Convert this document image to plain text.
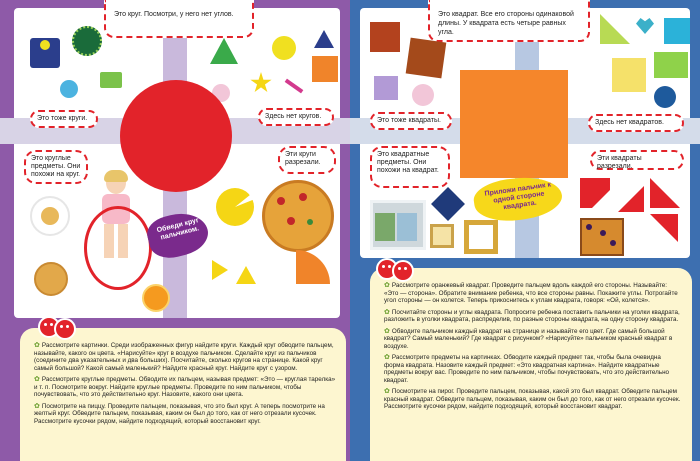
Это круг. Посмотри, у него нет углов.
Это тоже круги.	Здесь нет кругов.
Это круглые предметы. Они похожи на круг.
Эти круги разрезали.
Обведи круг пальчиком.

✿ Рассмотрите картинки. Среди изображенных фигур найдите круги. Каждый круг обводите пальцем, называйте, какого он цвета. «Нарисуйте» круг в воздухе пальчиком. Сделайте круг из пальчиков (соедините два указательных и два больших). Посчитайте, сколько кругов на странице. Какой круг самый большой? Какой самый маленький? Найдите красный круг. Найдите круг с узором.

✿ Рассмотрите круглые предметы. Обводите их пальцем, называя предмет: «Это — круглая тарелка» и т. п. Посмотрите вокруг. Найдите круглые предметы. Проведите по ним пальчиком, чтобы почувствовать, что это действительно круг. Назовите, какого они цвета.

✿ Посмотрите на пиццу. Проведите пальцем, показывая, что это был круг. А теперь посмотрите на желтый круг. Обведите пальцем, показывая, каким он был до того, как от него отрезали кусочек. Рассмотрите кусочки рядом, найдите подходящий, который восстановит круг.

Это квадрат. Все его стороны одинаковой длины. У квадрата есть четыре равных угла.
Это тоже квадраты.	Здесь нет квадратов.
Это квадратные предметы. Они похожи на квадрат.
Эти квадраты разрезали.
Приложи пальчик к одной стороне квадрата.

✿ Рассмотрите оранжевый квадрат. Проведите пальцем вдоль каждой его стороны. Называйте: «Это — сторона». Обратите внимание ребенка, что все стороны равны. Покажите углы. Потрогайте угол стороны — он колется. Теперь прикоснитесь к углам квадрата, говоря: «Ой, колется».

✿ Посчитайте стороны и углы квадрата. Попросите ребенка поставить пальчики на уголки квадрата, разложить в уголки квадрата, распределив, по разные стороны квадрата, на одну сторону квадрата.

✿ Обводите пальчиком каждый квадрат на странице и называйте его цвет. Где самый большой квадрат? Самый маленький? Где квадрат с рисунком? «Нарисуйте» пальчиком красный квадрат в воздухе.

✿ Рассмотрите предметы на картинках. Обводите каждый предмет так, чтобы была очевидна форма квадрата. Назовите каждый предмет: «Это квадратная картина». Найдите квадратные предметы вокруг вас. Проведите по ним пальчиком, чтобы почувствовать, что это действительно квадрат.

✿ Посмотрите на пирог. Проведите пальцем, показывая, какой это был квадрат. Обведите пальцем красный квадрат. Обведите пальцем, показывая, каким он был до того, как от него отрезали кусочек. Рассмотрите кусочки рядом, найдите подходящий, который восстановит квадрат.
